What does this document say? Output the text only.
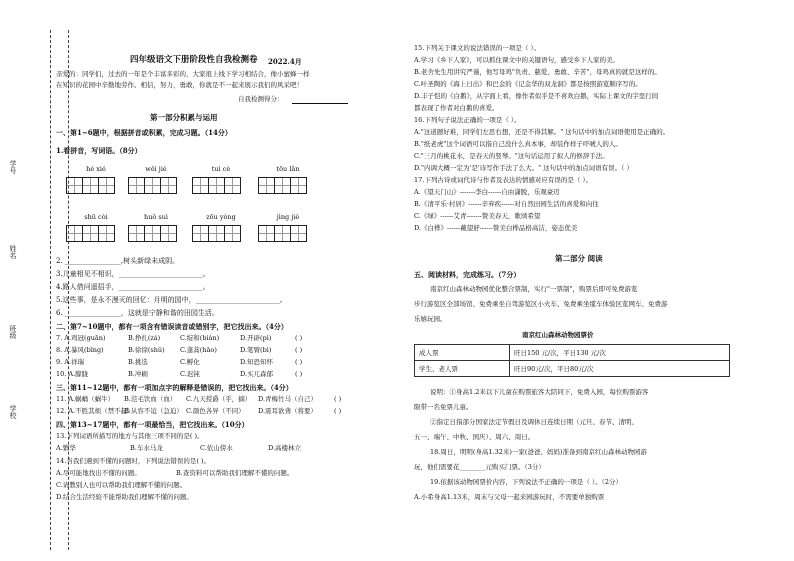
学号
姓名
班级
学校
四年级语文下册阶段性自我检测卷 2022.4月
亲爱的：同学们，过去的一年是个丰富多彩的，大家很上线下学习相结合，像小蜜蜂一样
在知识的花园中辛勤地劳作。相信，努力，勇敢，你就是不一起来展示我们的风采吧！
自我检测得分：
第一部分积累与运用
一、第1~6题中，根据拼音或积累，完成习题。（14分）
1.看拼音，写词语。（8分）
hé xié	wěi jiè	tuì cè	tōu lǎn
shū còi	huǒ suì	zōu yòng	jìng jiè
2. ________________,树头新绿未成阴。
3.儿童相见不相识，________________________。
4.路人借问遥招手，________________________。
5.这些事，是永不漫灭的回忆：月明的园中，________________________。
6. ________________，这就是宁静和谐的田园生活。
二、第7~10题中，都有一项含有错误读音或错别字，把它找出来。（4分）
7. A.鸡冠(guān)	B.挣扎(zá)	C.绽和(biàn)	D.开辟(pì)	( )
8. A.暴风(bīng)	B.徐徐(shǔ) C.蓬蒿(hāo)	D.笔臂(bì)	( )
9. A.祥瑞	B.挑选	C.孵化	D.知恐知怀	( )
10. A.朦胧	B.冲刷	C.迟钝	D.买兀森郁	( )
三、第11~12题中，都有一项加点字的解释是错误的，把它找出来。（4分）
11. A.蜗蛹（蜗牛） B.范毛饮血（血） C.九天授爵（乎，摘） D.青梅竹马（自己）	( )
12. A.不胜其烦（禁不起）
B.从容不迫（急迫） C.颜色各异（不同） D.震耳欲聋（将要）	( )
四、第13~17题中，都有一项最恰当，把它找出来。（10分）
13.下列词语所描写的地方与其他三项不同的是( )。
A.繁华	B.车水马龙	C.依山傍水	D.高楼林立
14.当我们遇到不懂的问题时，下列说法错误的是( )。
A.尽可能地找出不懂的问题。	B.查资料可以帮助我们理解不懂的问题。
C.请教别人也可以帮助我们理解不懂的问题。
D.结合生活经验不能帮助我们理解不懂的问题。
15.下列关于课文的说法错误的一项是（ ）。
A.学习《乡下人家》，可以抓住课文中的关键语句，感受乡下人家的美。
B.老舍先生用讲究严谨，他写母鸡"负责、慈爱、勇敢、辛苦"，母鸡真的就是这样的。
C.叶圣陶的《海上日出》和巴金的《记金华的双龙洞》都是按照游览顺序写的。
D.丰子恺的《白鹅》，从字面上看，像作者似乎是不喜欢白鹅，实际上课文的字里行间
都表现了作者对白鹅的喜爱。
16.下列句子说法正确的一项是（ ）。
A."这道题好难，同学们左思右想，还是不得其解。" 这句话中的加点词语使用是正确的。
B."纸老虎"这个词语可以指自己没什么真本事，却装作样子吓唬人的人。
C."三月的桃花水，是春天的竖琴。"这句话运用了拟人的修辞手法。
D."内调大概一定为'是'诗写作手法了么大。" 这句话中的加点词语有误。（ ）
17.下列古诗或词代诗与作者及表达的情感对应有误的是（ ）。
A.《望天门山》-------李白------自由潇脱，乐观豪迈
B.《清平乐·村居》------辛弃疾------对自然田园生活的喜爱和向往
C.《绿》------艾青-------赞美春天，歌颂希望
D.《白桦》------戴望舒------赞美白桦品格高洁，姿态优美
第二部分 阅读
五、阅读材料，完成练习。（7分）
南京红山森林动物园优化整合票制，实行"一票制"，购票后即可免费游览
步行游览区全部场馆、免费乘坐自驾游览区小火车、免费乘坐缆车体验区览网车、免费游
乐嬉玩园。
南京红山森林动物园票价
成人票	旺日150 元/次，平日130 元/次
学生、老人票	旺日90元/次，平日80元/次
说明：①身高1.2米以下儿童在购票旅客大陪同下，免费入园，每位购票游客
限带一名免票儿童。
②指定日指部分国家法定节假日及调休日连续日期（元旦、春节、清明、
五一、端午、中秋、国庆）、周六、周日。
18.周日，明明(身高1.32米)一家(爸爸、妈妈)准备到南京红山森林动物园游
玩，他们需要花________元购买门票。（3分）
19.依据该动物园票价内容，下列说法不正确的一项是（ ）。（2分）
A.小希身高1.13米，周末与父母一起来园游玩时，不需要单独购票
